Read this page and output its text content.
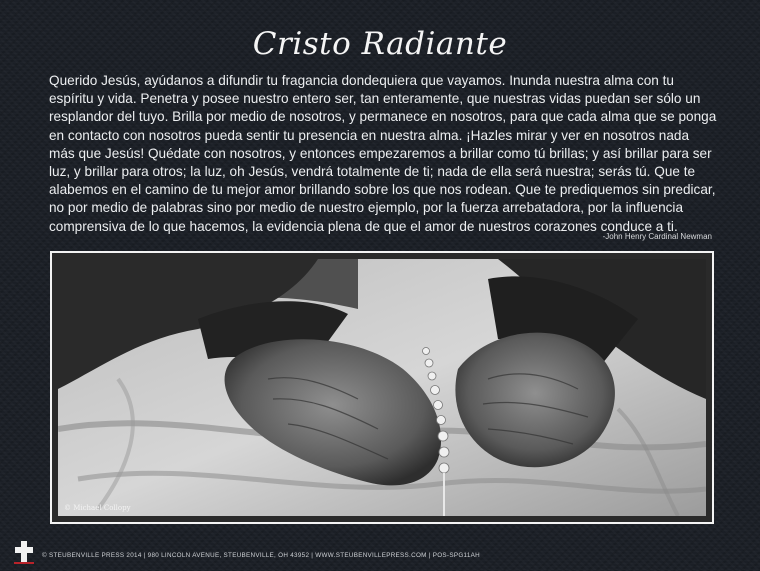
Cristo Radiante

Querido Jesús, ayúdanos a difundir tu fragancia dondequiera que vayamos. Inunda nuestra alma con tu espíritu y vida. Penetra y posee nuestro entero ser, tan enteramente, que nuestras vidas puedan ser sólo un resplandor del tuyo. Brilla por medio de nosotros, y permanece en nosotros, para que cada alma que se ponga en contacto con nosotros pueda sentir tu presencia en nuestra alma. ¡Hazles mirar y ver en nosotros nada más que Jesús! Quédate con nosotros, y entonces empezaremos a brillar como tú brillas; y así brillar para ser luz, y brillar para otros; la luz, oh Jesús, vendrá totalmente de ti; nada de ella será nuestra; serás tú. Que te alabemos en el camino de tu mejor amor brillando sobre los que nos rodean. Que te prediquemos sin predicar, no por medio de palabras sino por medio de nuestro ejemplo, por la fuerza arrebatadora, por la influencia comprensiva de lo que hacemos, la evidencia plena de que el amor de nuestros corazones conduce a ti.

-John Henry Cardinal Newman
© Michael Collopy
© STEUBENVILLE PRESS 2014 | 980 LINCOLN AVENUE, STEUBENVILLE, OH 43952 | WWW.STEUBENVILLEPRESS.COM | POS-SPG11AH
